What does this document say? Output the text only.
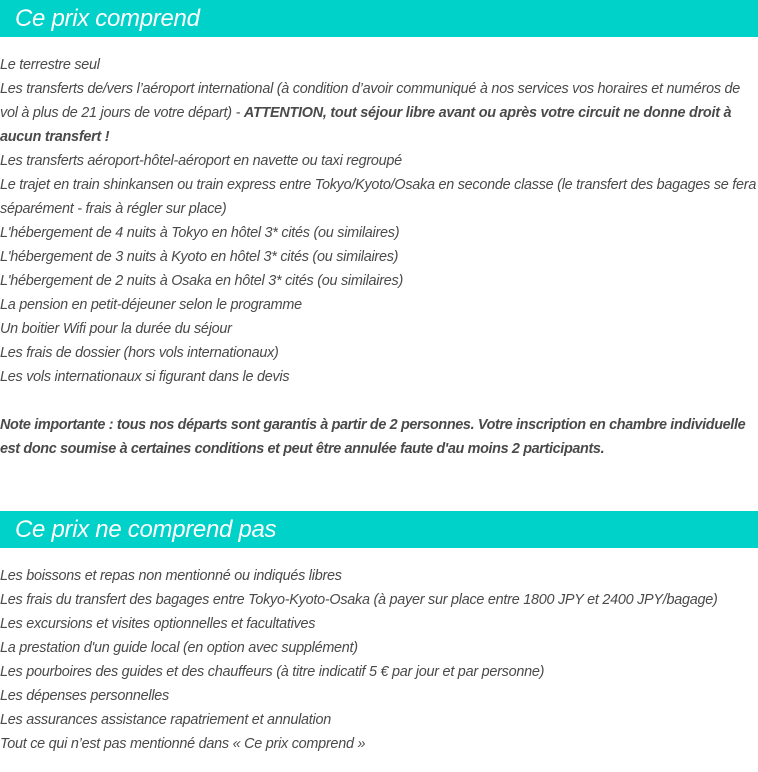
Ce prix comprend
Le terrestre seul
Les transferts de/vers l’aéroport international (à condition d’avoir communiqué à nos services vos horaires et numéros de vol à plus de 21 jours de votre départ) - ATTENTION, tout séjour libre avant ou après votre circuit ne donne droit à aucun transfert !
Les transferts aéroport-hôtel-aéroport en navette ou taxi regroupé
Le trajet en train shinkansen ou train express entre Tokyo/Kyoto/Osaka en seconde classe (le transfert des bagages se fera séparément - frais à régler sur place)
L'hébergement de 4 nuits à Tokyo en hôtel 3* cités (ou similaires)
L'hébergement de 3 nuits à Kyoto en hôtel 3* cités (ou similaires)
L'hébergement de 2 nuits à Osaka en hôtel 3* cités (ou similaires)
La pension en petit-déjeuner selon le programme
Un boitier Wifi pour la durée du séjour
Les frais de dossier (hors vols internationaux)
Les vols internationaux si figurant dans le devis

Note importante : tous nos départs sont garantis à partir de 2 personnes. Votre inscription en chambre individuelle est donc soumise à certaines conditions et peut être annulée faute d'au moins 2 participants.

Ce prix ne comprend pas
Les boissons et repas non mentionné ou indiqués libres
Les frais du transfert des bagages entre Tokyo-Kyoto-Osaka (à payer sur place entre 1800 JPY et 2400 JPY/bagage)
Les excursions et visites optionnelles et facultatives
La prestation d'un guide local (en option avec supplément)
Les pourboires des guides et des chauffeurs (à titre indicatif 5 € par jour et par personne)
Les dépenses personnelles
Les assurances assistance rapatriement et annulation
Tout ce qui n’est pas mentionné dans « Ce prix comprend »
